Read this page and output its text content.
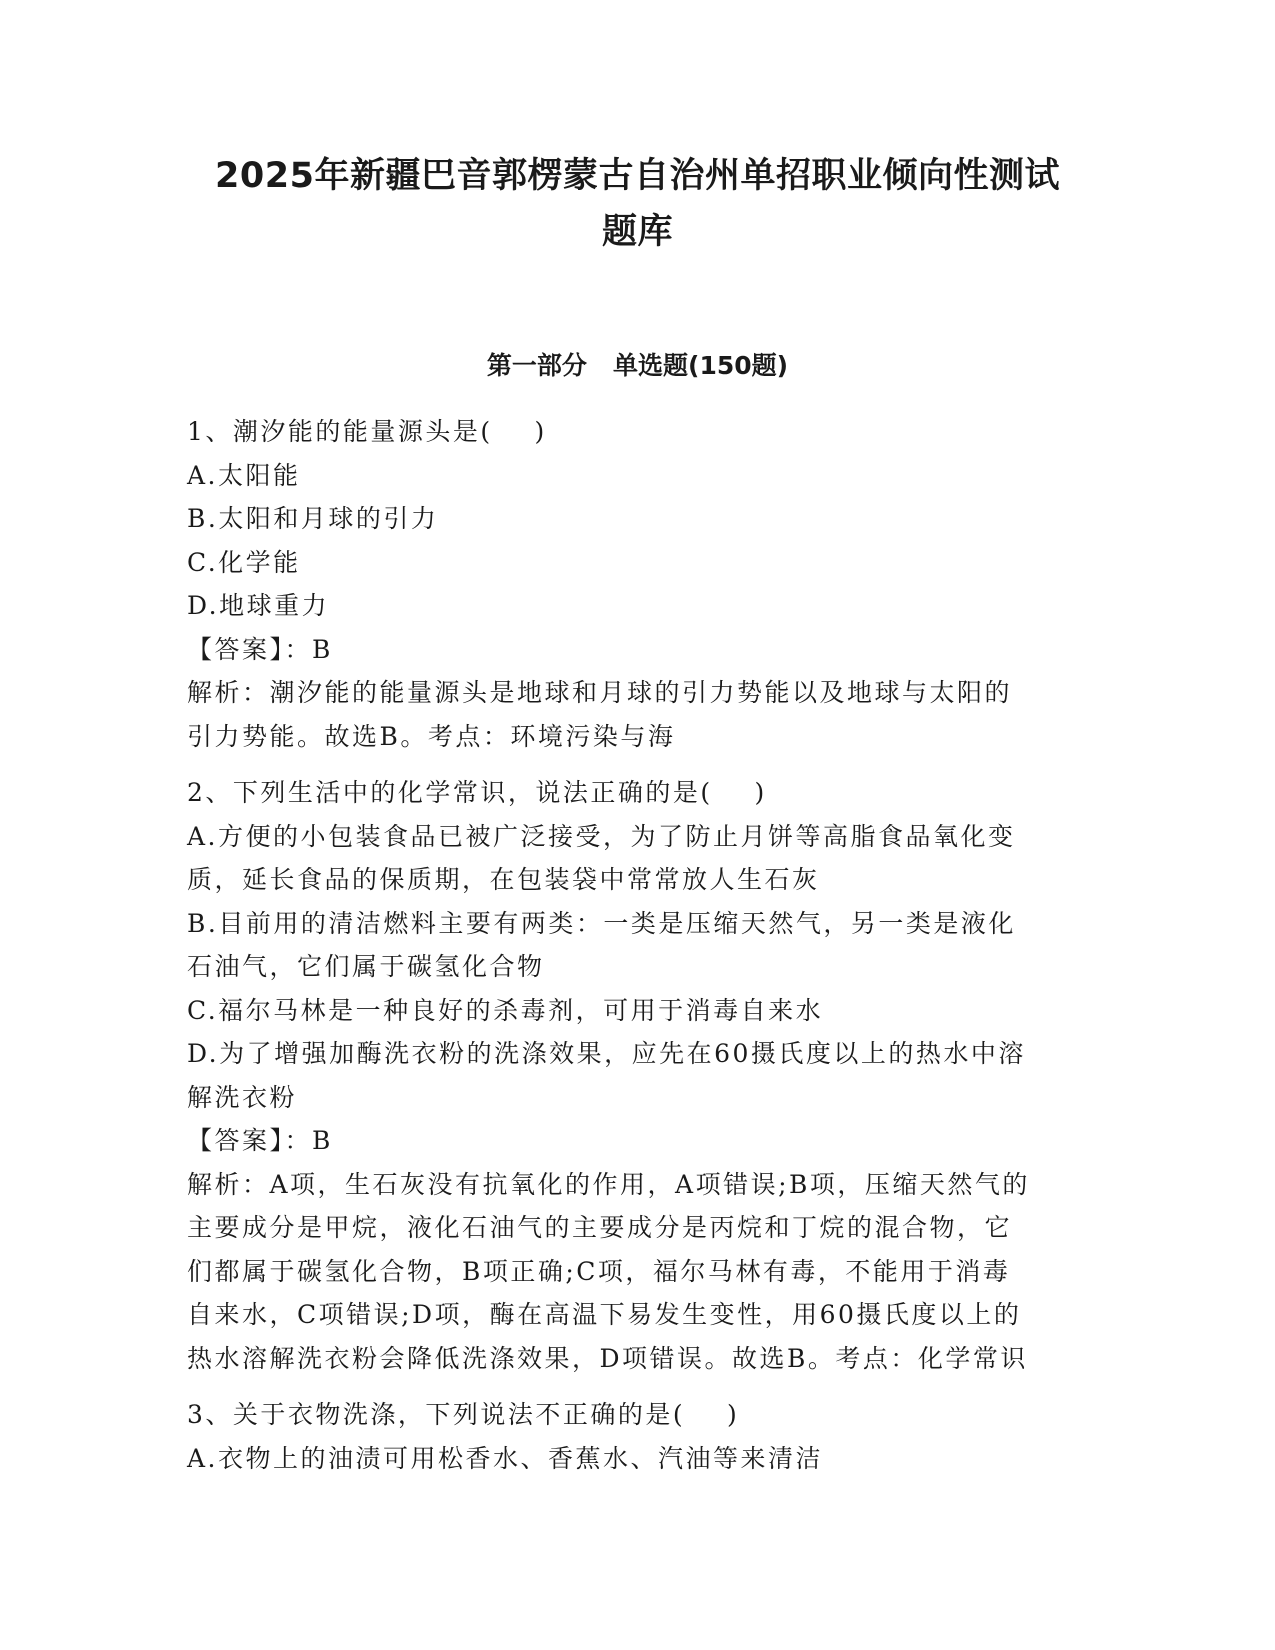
2025年新疆巴音郭楞蒙古自治州单招职业倾向性测试
题库
第一部分   单选题(150题)

1、潮汐能的能量源头是(    )

A.太阳能

B.太阳和月球的引力

C.化学能

D.地球重力

【答案】：B

解析：潮汐能的能量源头是地球和月球的引力势能以及地球与太阳的

引力势能。故选B。考点：环境污染与海

2、下列生活中的化学常识，说法正确的是(    )

A.方便的小包装食品已被广泛接受，为了防止月饼等高脂食品氧化变

质，延长食品的保质期，在包装袋中常常放人生石灰

B.目前用的清洁燃料主要有两类：一类是压缩天然气，另一类是液化

石油气，它们属于碳氢化合物

C.福尔马林是一种良好的杀毒剂，可用于消毒自来水

D.为了增强加酶洗衣粉的洗涤效果，应先在60摄氏度以上的热水中溶

解洗衣粉

【答案】：B

解析：A项，生石灰没有抗氧化的作用，A项错误;B项，压缩天然气的

主要成分是甲烷，液化石油气的主要成分是丙烷和丁烷的混合物，它

们都属于碳氢化合物，B项正确;C项，福尔马林有毒，不能用于消毒

自来水，C项错误;D项，酶在高温下易发生变性，用60摄氏度以上的

热水溶解洗衣粉会降低洗涤效果，D项错误。故选B。考点：化学常识

3、关于衣物洗涤，下列说法不正确的是(    )

A.衣物上的油渍可用松香水、香蕉水、汽油等来清洁
